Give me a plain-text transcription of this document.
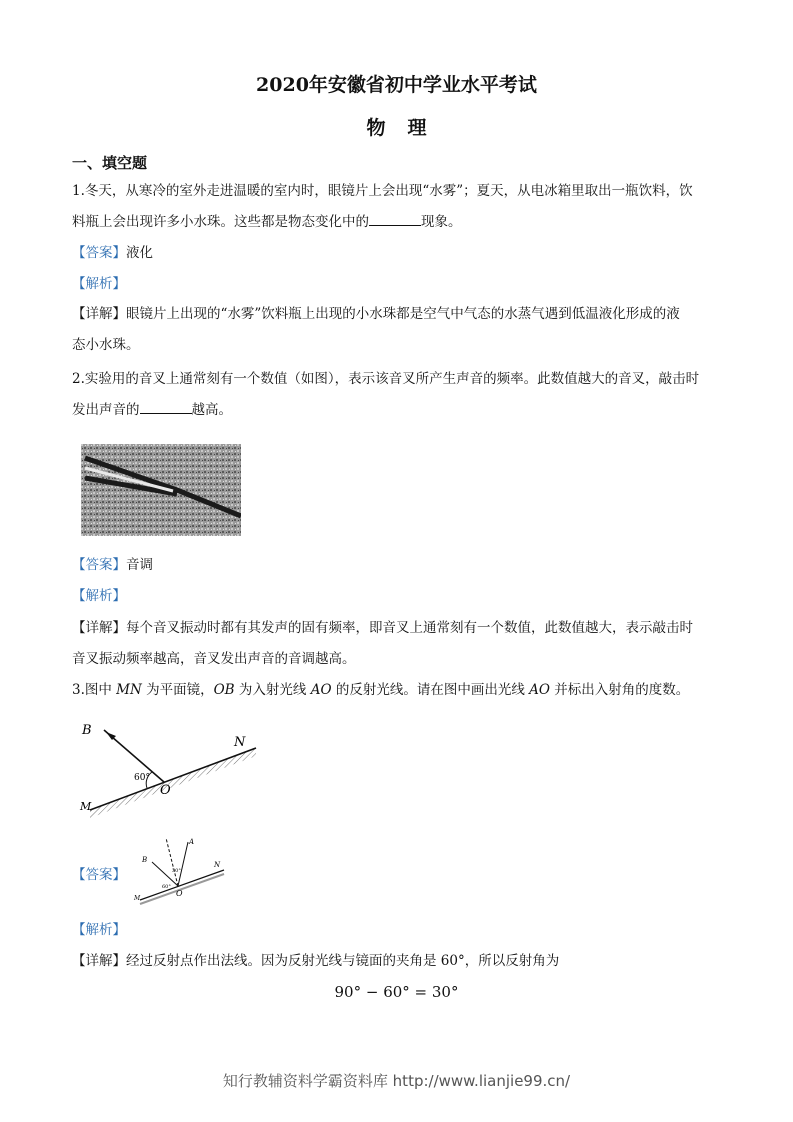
2020年安徽省初中学业水平考试
物理
一、填空题
1.冬天，从寒冷的室外走进温暖的室内时，眼镜片上会出现“水雾”；夏天，从电冰箱里取出一瓶饮料，饮
料瓶上会出现许多小水珠。这些都是物态变化中的	现象。
【答案】液化
【解析】
【详解】眼镜片上出现的“水雾”饮料瓶上出现的小水珠都是空气中气态的水蒸气遇到低温液化形成的液
态小水珠。
2.实验用的音叉上通常刻有一个数值（如图），表示该音叉所产生声音的频率。此数值越大的音叉，敲击时
发出声音的	越高。
【答案】音调
【解析】
【详解】每个音叉振动时都有其发声的固有频率，即音叉上通常刻有一个数值，此数值越大，表示敲击时
音叉振动频率越高，音叉发出声音的音调越高。
3.图中 MN 为平面镜，OB 为入射光线 AO 的反射光线。请在图中画出光线 AO 并标出入射角的度数。
B
N
M
O
60°
【答案】
B
A
N
M
O
60°
30°
【解析】
【详解】经过反射点作出法线。因为反射光线与镜面的夹角是 60°，所以反射角为
90° − 60° = 30°
知行教辅资料学霸资料库 http://www.lianjie99.cn/
